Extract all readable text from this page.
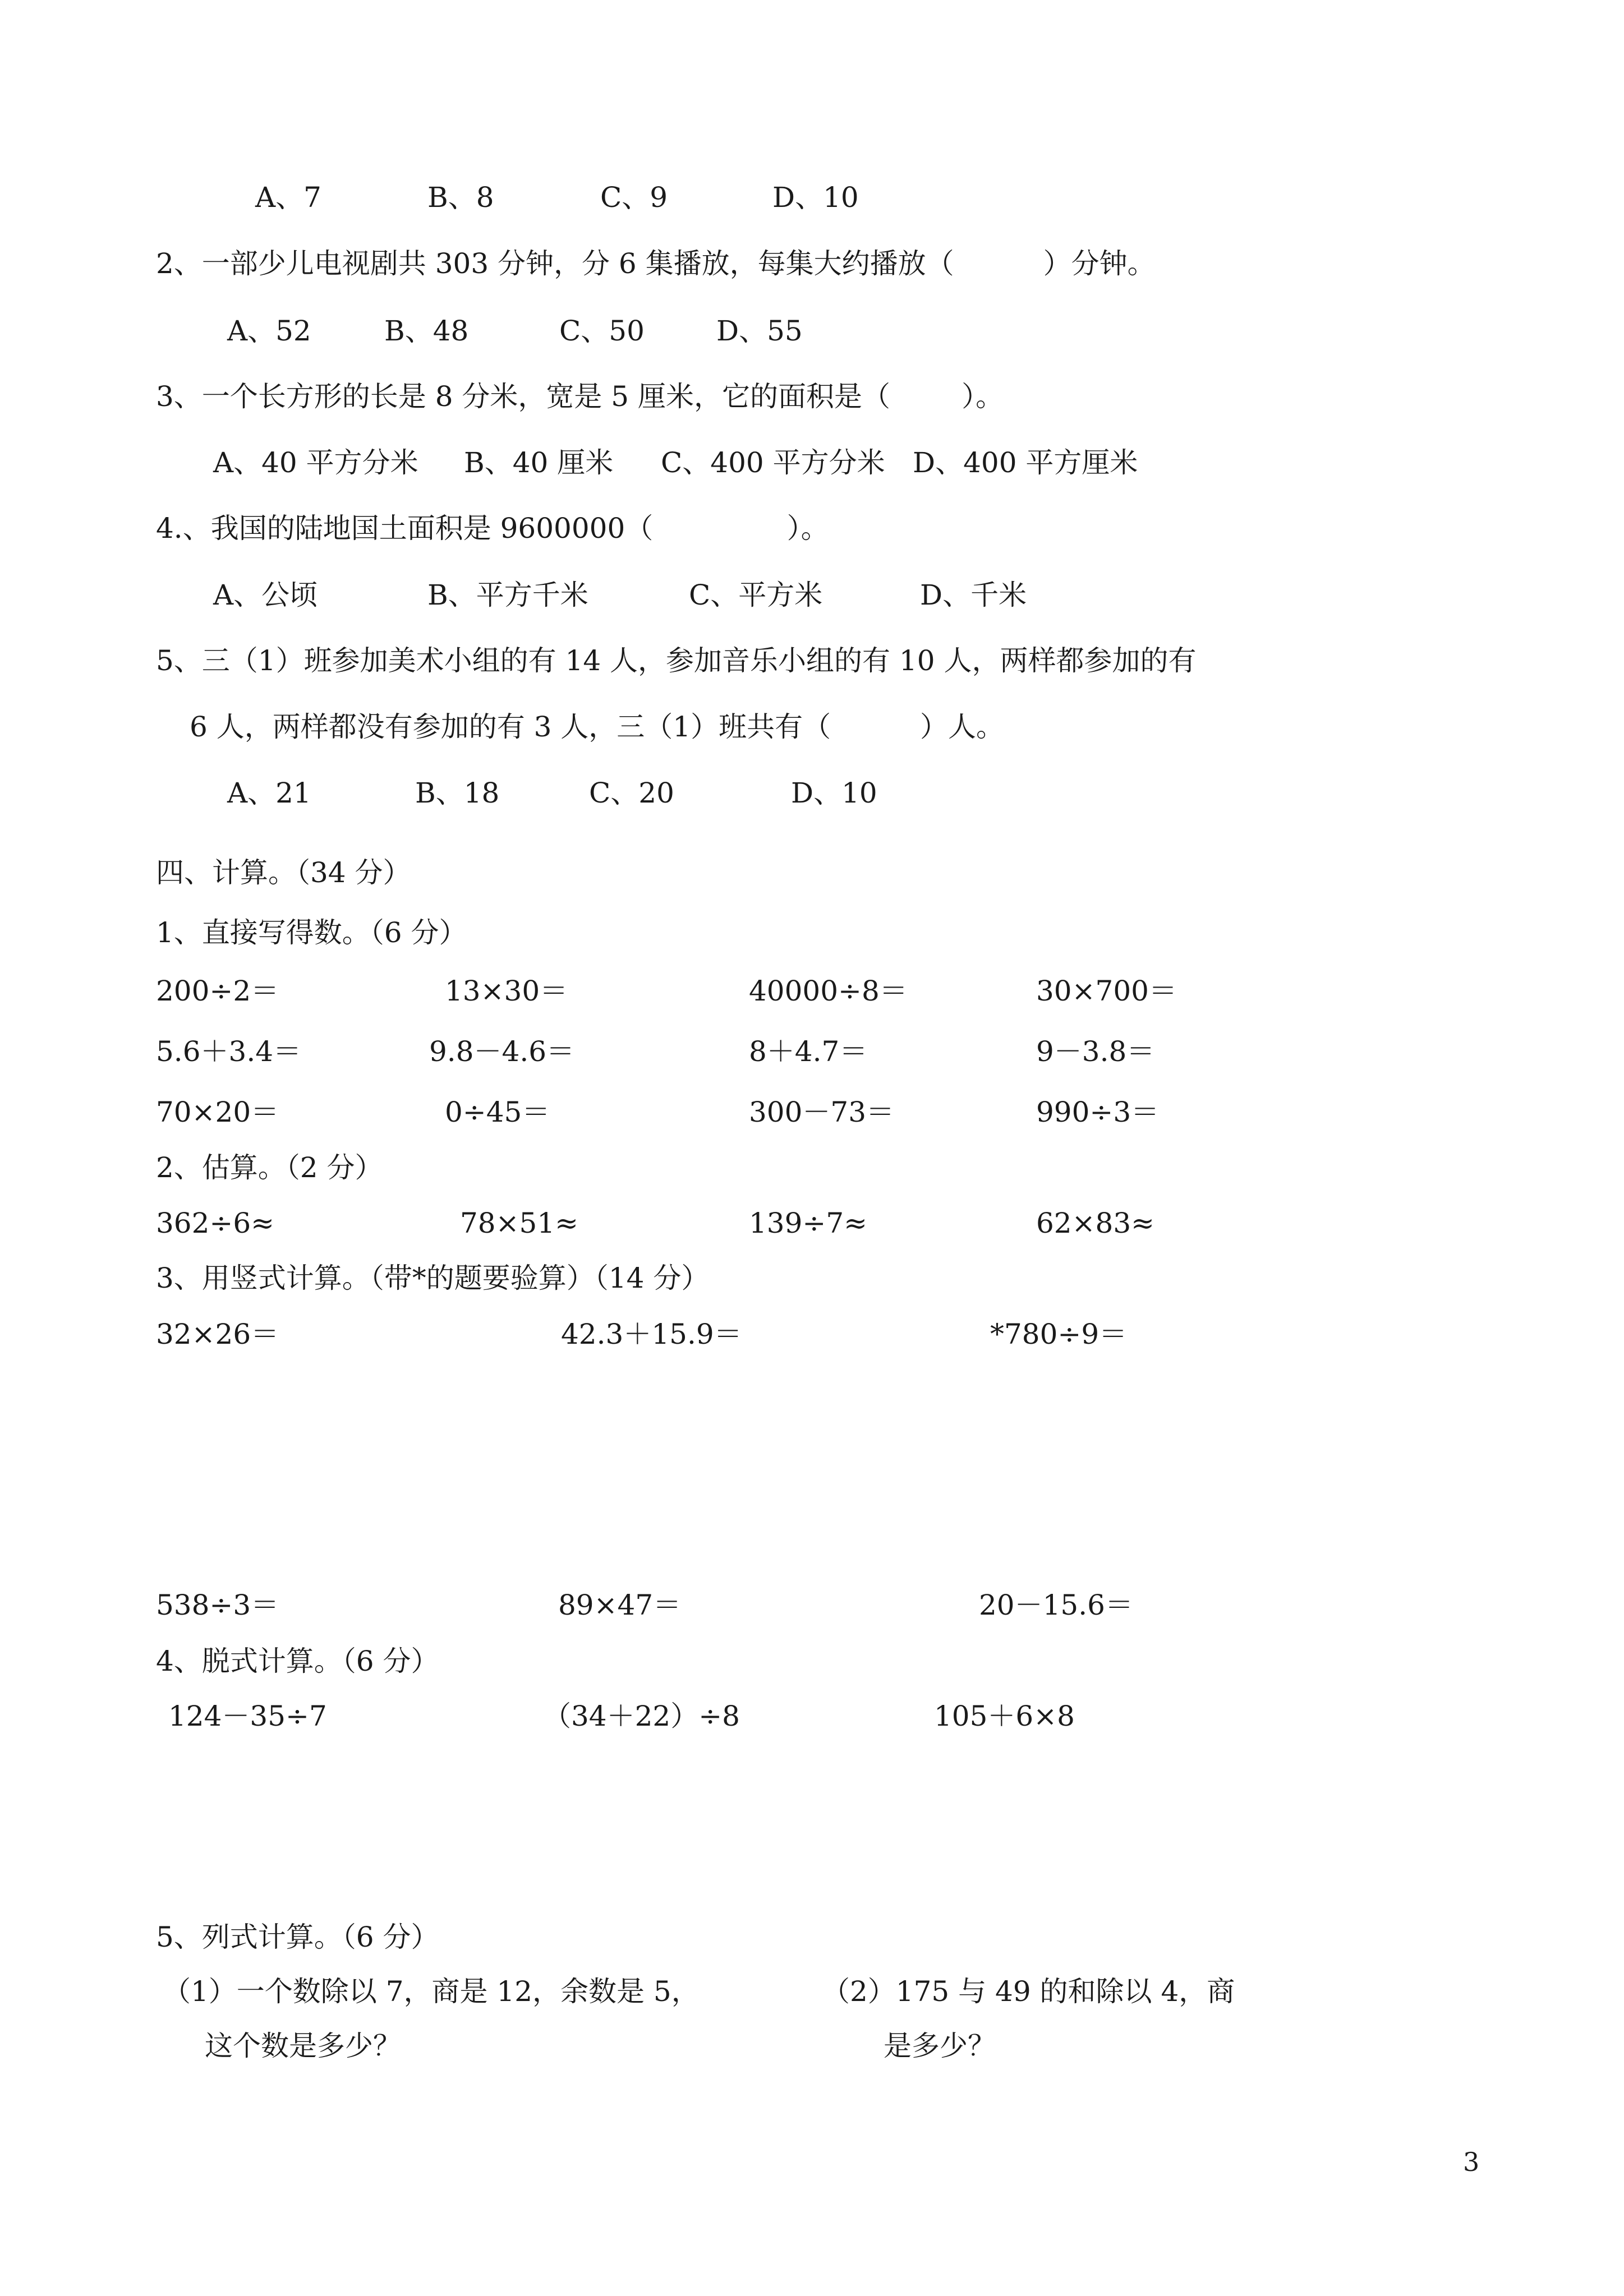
A、7	B、8	C、9	D、10
2、一部少儿电视剧共 303 分钟，分 6 集播放，每集大约播放（          ）分钟。
A、52	B、48	C、50	D、55
3、一个长方形的长是 8 分米，宽是 5 厘米，它的面积是（        ）。
A、40 平方分米 B、40 厘米 C、400 平方分米 D、400 平方厘米
4.、我国的陆地国土面积是 9600000（               ）。
A、公顷	B、平方千米	C、平方米	D、千米
5、三（1）班参加美术小组的有 14 人，参加音乐小组的有 10 人，两样都参加的有
6 人，两样都没有参加的有 3 人，三（1）班共有（          ）人。
A、21	B、18	C、20	D、10
四、计算。（34 分）
1、直接写得数。（6 分）
200÷2＝	13×30＝	40000÷8＝	30×700＝
5.6＋3.4＝	9.8－4.6＝	8＋4.7＝	9－3.8＝
70×20＝	0÷45＝	300－73＝	990÷3＝
2、估算。（2 分）
362÷6≈	78×51≈	139÷7≈	62×83≈
3、用竖式计算。（带*的题要验算）（14 分）
32×26＝	42.3＋15.9＝	*780÷9＝
538÷3＝	89×47＝	20－15.6＝
4、脱式计算。（6 分）
124－35÷7	（34＋22）÷8	105＋6×8
5、列式计算。（6 分）
（1）一个数除以 7，商是 12，余数是 5，
这个数是多少？
（2）175 与 49 的和除以 4，商
是多少？
3
